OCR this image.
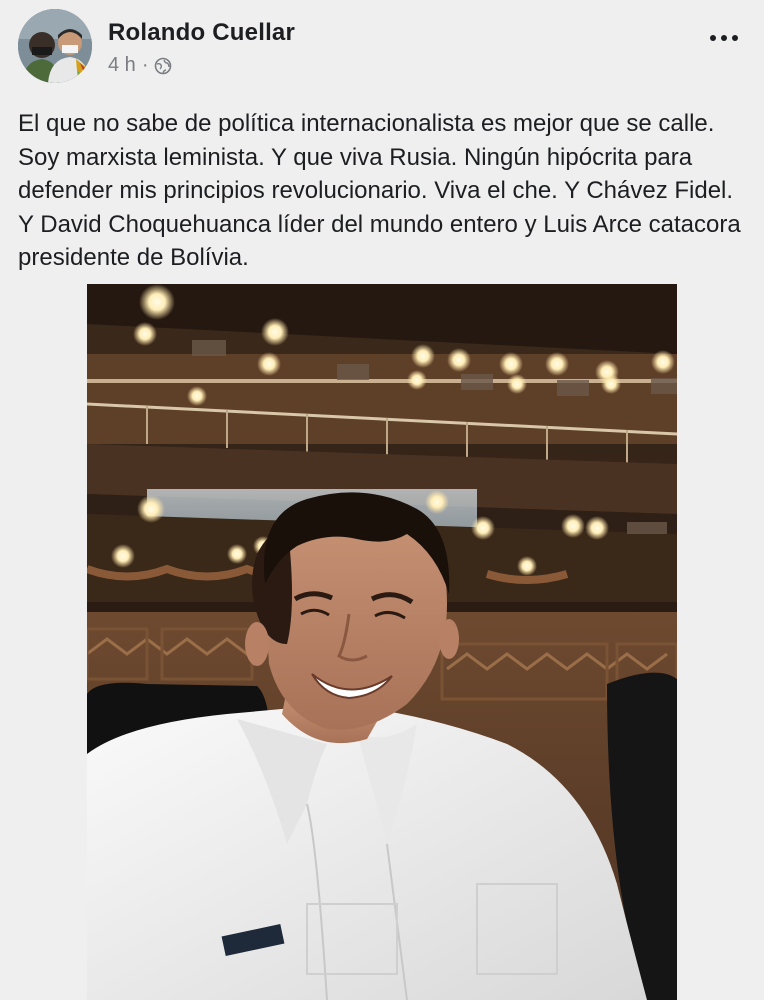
Rolando Cuellar
4 h ·

El que no sabe de política internacionalista es mejor que se calle. Soy marxista leminista. Y que viva Rusia. Ningún hipócrita para defender mis principios revolucionario. Viva el che. Y Chávez Fidel. Y David Choquehuanca líder del mundo entero y Luis Arce catacora presidente de Bolívia.
